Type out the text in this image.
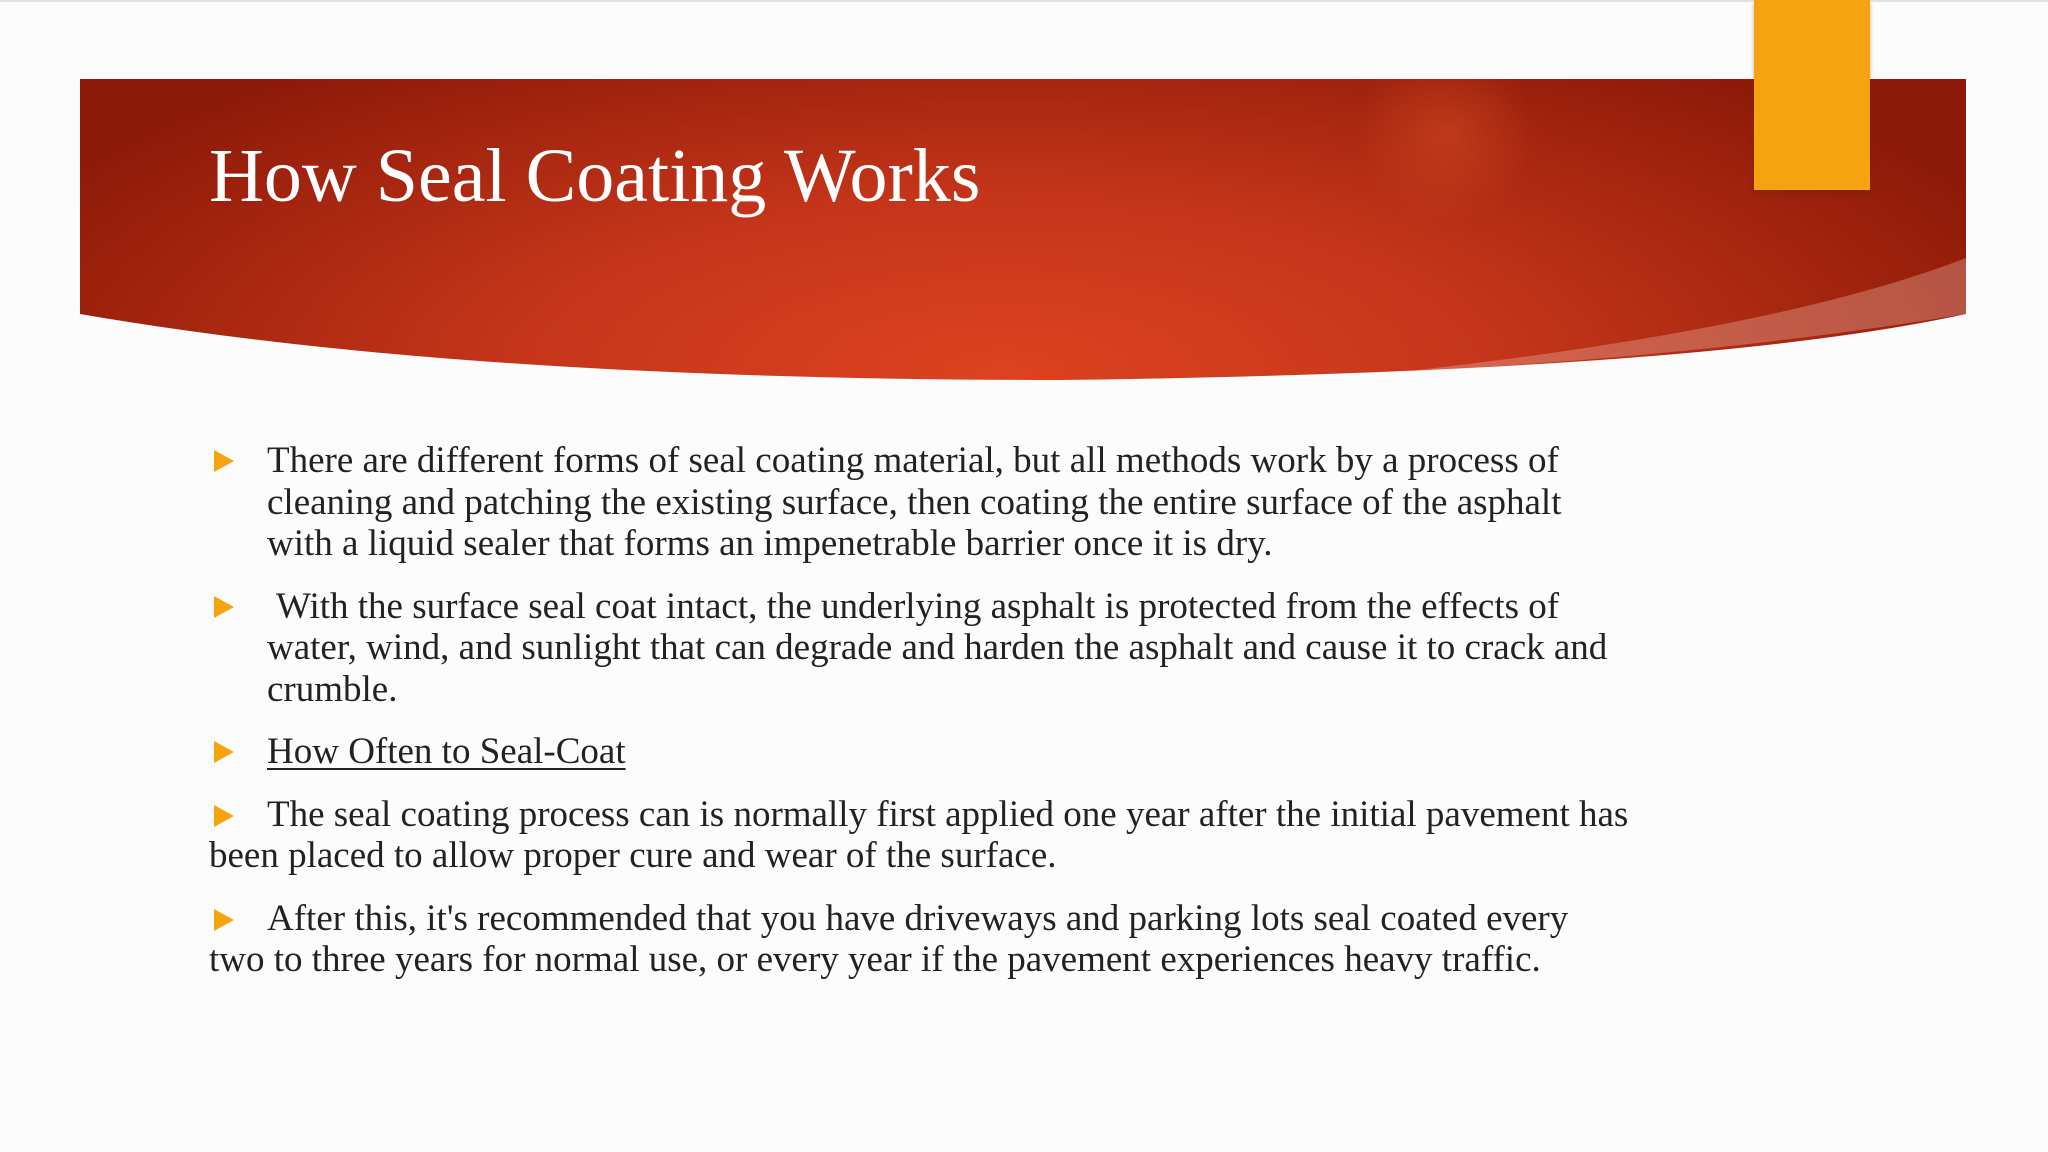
How Seal Coating Works
There are different forms of seal coating material, but all methods work by a process of cleaning and patching the existing surface, then coating the entire surface of the asphalt with a liquid sealer that forms an impenetrable barrier once it is dry.
With the surface seal coat intact, the underlying asphalt is protected from the effects of water, wind, and sunlight that can degrade and harden the asphalt and cause it to crack and crumble.
How Often to Seal-Coat
The seal coating process can is normally first applied one year after the initial pavement has been placed to allow proper cure and wear of the surface.
After this, it's recommended that you have driveways and parking lots seal coated every two to three years for normal use, or every year if the pavement experiences heavy traffic.
